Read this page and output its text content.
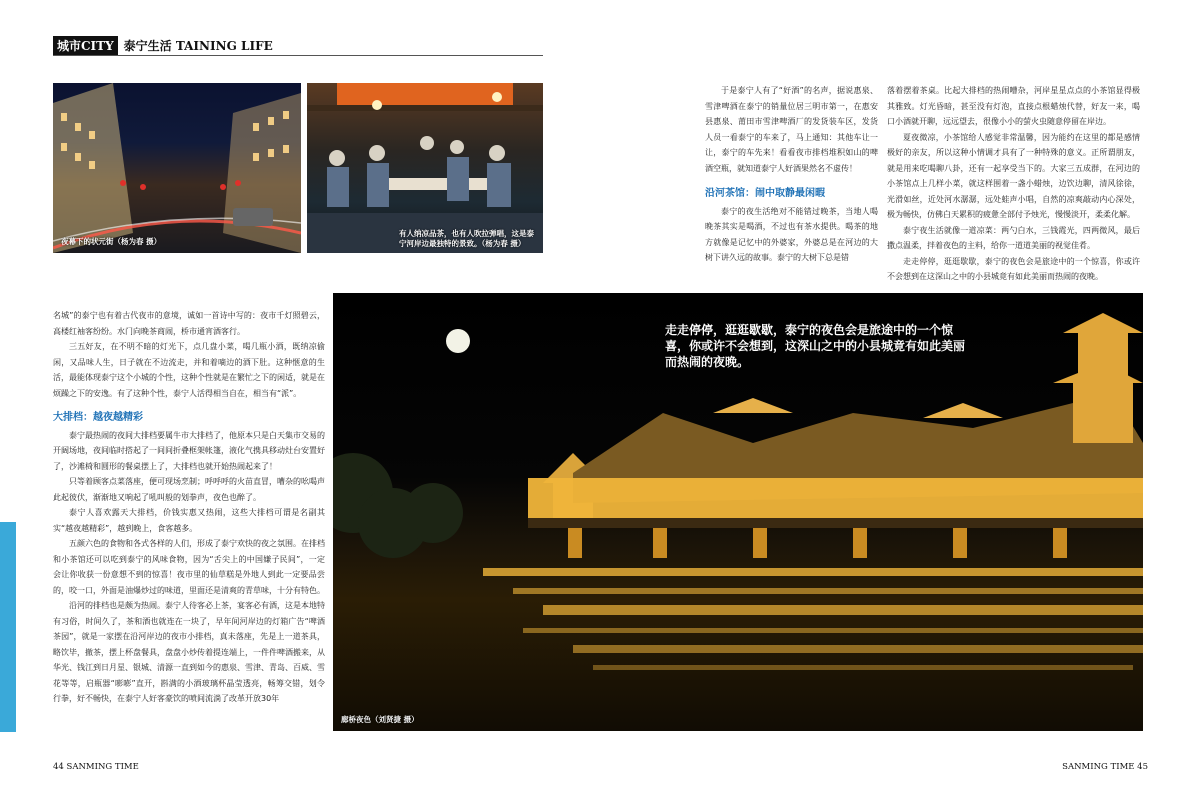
城市CITY 泰宁生活 TAINING LIFE
夜幕下的状元街（杨为春 摄）
有人纳凉品茶，也有人吹拉弹唱，这是泰宁河岸边最独特的景致。（杨为春 摄）
于是泰宁人有了“好酒”的名声，据说惠泉、雪津啤酒在泰宁的销量位居三明市第一，在惠安县惠泉、莆田市雪津啤酒厂的发货装车区，发货人员一看泰宁的车来了，马上通知：其他车让一让，泰宁的车先来！看看夜市排档堆积如山的啤酒空瓶，就知道泰宁人好酒果然名不虚传！
沿河茶馆：闹中取静最闲暇
泰宁的夜生活绝对不能错过晚茶，当地人喝晚茶其实是喝酒，不过也有茶水提供。喝茶的地方就像是记忆中的外婆家，外婆总是在河边的大树下讲久远的故事。泰宁的大树下总是错
落着摆着茶桌。比起大排档的热闹嘈杂，河岸星星点点的小茶馆显得极其雅致。灯光昏暗，甚至没有灯泡，直接点根蜡烛代替，好友一来，喝口小酒就开聊，远远望去，很像小小的萤火虫随意停留在岸边。
夏夜微凉，小茶馆给人感觉非常温馨，因为能约在这里的都是感情极好的亲友，所以这种小情调才具有了一种特殊的意义。正所谓朋友，就是用来吃喝聊八卦，还有一起享受当下的。大家三五成群，在河边的小茶馆点上几样小菜，就这样围着一盏小蜡烛，边饮边聊，清风徐徐，光滑如丝，近处河水潺潺，远处蛙声小唱，自然的凉爽敲动内心深处，极为畅快，仿佛白天累积的疲惫全部付予烛光，慢慢淡开，柔柔化解。
泰宁夜生活就像一道凉菜：两勺白水，三钱霞光，四两微风，最后撒点温柔，拌着夜色的主料，给你一道道美丽的视觉佳肴。
走走停停，逛逛歇歇，泰宁的夜色会是旅途中的一个惊喜，你或许不会想到在这深山之中的小县城竟有如此美丽而热闹的夜晚。
名城”的泰宁也有着古代夜市的意境，诚如一首诗中写的：夜市千灯照碧云，高楼红袖客纷纷。水门向晚茶商闹，桥市通宵酒客行。
三五好友，在不明不暗的灯光下，点几盘小菜，喝几瓶小酒，既纳凉偷闲，又品味人生，日子就在不边流走，并和着嘀边的酒下肚。这种惬意的生活，最能体现泰宁这个小城的个性，这种个性就是在繁忙之下的闲适，就是在烦躁之下的安逸。有了这种个性，泰宁人活得相当自在，相当有“派”。
大排档：越夜越精彩
泰宁最热闹的夜间大排档要属牛市大排档了，他原本只是白天集市交易的开阔场地，夜间临时搭起了一间间折叠框架帐篷，液化气携具移动灶台安置好了，沙滩椅和圆形的餐桌摆上了，大排档也就开始热闹起来了！
只等着顾客点菜落座，便可现场烹制；呼呼呼的火苗直冒，嘈杂的吆喝声此起彼伏，渐渐地又响起了吼叫般的划拳声，夜色也醉了。
泰宁人喜欢露天大排档，价钱实惠又热闹，这些大排档可谓是名副其实“越夜越精彩”，越到晚上，食客越多。
五颜六色的食物和各式各样的人们，形成了泰宁欢快的夜之氛围。在排档和小茶馆还可以吃到泰宁的风味食物，因为“舌尖上的中国嫌子民间”，一定会让你收获一份意想不到的惊喜！夜市里的仙草糕是外地人到此一定要品尝的，咬一口，外面是油爆炒过的味道，里面还是清爽的青草味，十分有特色。
沿河的排档也是颇为热闹。泰宁人待客必上茶，宴客必有酒，这是本地特有习俗，时间久了，茶和酒也就连在一块了，早年间河岸边的灯箱广告“啤酒茶园”，就是一家摆在沿河岸边的夜市小排档，真未落座，先是上一道茶具，略饮毕，撤茶，摆上杯盘餐具，盘盘小炒传着提连端上，一件件啤酒搬来，从华光、钱江到日月星、银城、清源一直到如今的惠泉、雪津、青岛、百威、雪花等等，启瓶器“嘭嘭”直开，斟满的小酒玻璃杯晶莹透亮，畅筹交错，划令行拳，好不畅快，在泰宁人好客豪饮的喷间流淌了改革开放30年
走走停停，逛逛歇歇，泰宁的夜色会是旅途中的一个惊喜，你或许不会想到，这深山之中的小县城竟有如此美丽而热闹的夜晚。
廊桥夜色（刘贤捷 摄）
44 SANMING TIME	SANMING TIME 45
